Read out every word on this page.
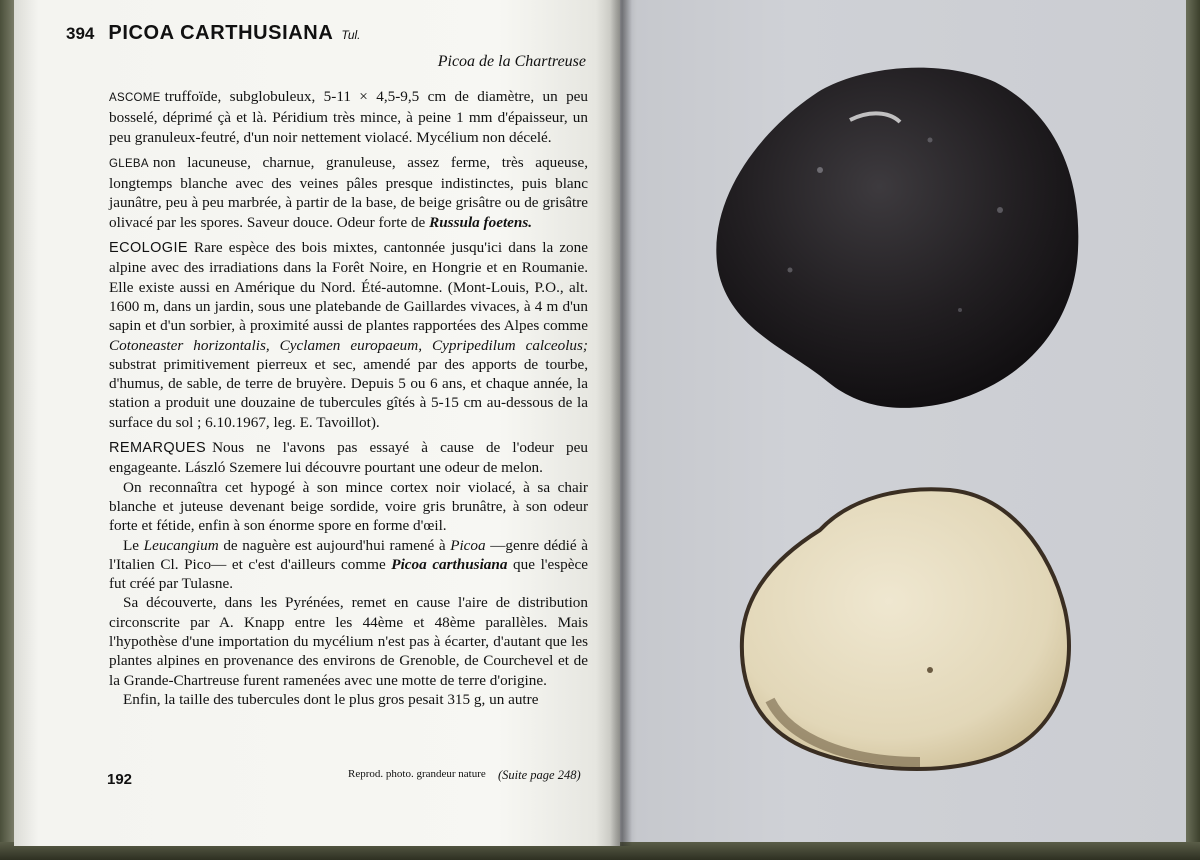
394 PICOA CARTHUSIANA Tul.
Picoa de la Chartreuse

ASCOME truffoïde, subglobuleux, 5-11 × 4,5-9,5 cm de diamètre, un peu bosselé, déprimé çà et là. Péridium très mince, à peine 1 mm d'épaisseur, un peu granuleux-feutré, d'un noir nettement violacé. Mycélium non décelé.

GLEBA non lacuneuse, charnue, granuleuse, assez ferme, très aqueuse, longtemps blanche avec des veines pâles presque indistinctes, puis blanc jaunâtre, peu à peu marbrée, à partir de la base, de beige grisâtre ou de grisâtre olivacé par les spores. Saveur douce. Odeur forte de Russula foetens.

ECOLOGIE Rare espèce des bois mixtes, cantonnée jusqu'ici dans la zone alpine avec des irradiations dans la Forêt Noire, en Hongrie et en Roumanie. Elle existe aussi en Amérique du Nord. Été-automne. (Mont-Louis, P.O., alt. 1600 m, dans un jardin, sous une platebande de Gaillardes vivaces, à 4 m d'un sapin et d'un sorbier, à proximité aussi de plantes rapportées des Alpes comme Cotoneaster horizontalis, Cyclamen europaeum, Cypripedilum calceolus; substrat primitivement pierreux et sec, amendé par des apports de tourbe, d'humus, de sable, de terre de bruyère. Depuis 5 ou 6 ans, et chaque année, la station a produit une douzaine de tubercules gîtés à 5-15 cm au-dessous de la surface du sol ; 6.10.1967, leg. E. Tavoillot).

REMARQUES Nous ne l'avons pas essayé à cause de l'odeur peu engageante. László Szemere lui découvre pourtant une odeur de melon.

On reconnaîtra cet hypogé à son mince cortex noir violacé, à sa chair blanche et juteuse devenant beige sordide, voire gris brunâtre, à son odeur forte et fétide, enfin à son énorme spore en forme d'œil.

Le Leucangium de naguère est aujourd'hui ramené à Picoa —genre dédié à l'Italien Cl. Pico— et c'est d'ailleurs comme Picoa carthusiana que l'espèce fut créé par Tulasne.

Sa découverte, dans les Pyrénées, remet en cause l'aire de distribution circonscrite par A. Knapp entre les 44ème et 48ème parallèles. Mais l'hypothèse d'une importation du mycélium n'est pas à écarter, d'autant que les plantes alpines en provenance des environs de Grenoble, de Courchevel et de la Grande-Chartreuse furent ramenées avec une motte de terre d'origine.

Enfin, la taille des tubercules dont le plus gros pesait 315 g, un autre

192	Reprod. photo. grandeur nature (Suite page 248)
